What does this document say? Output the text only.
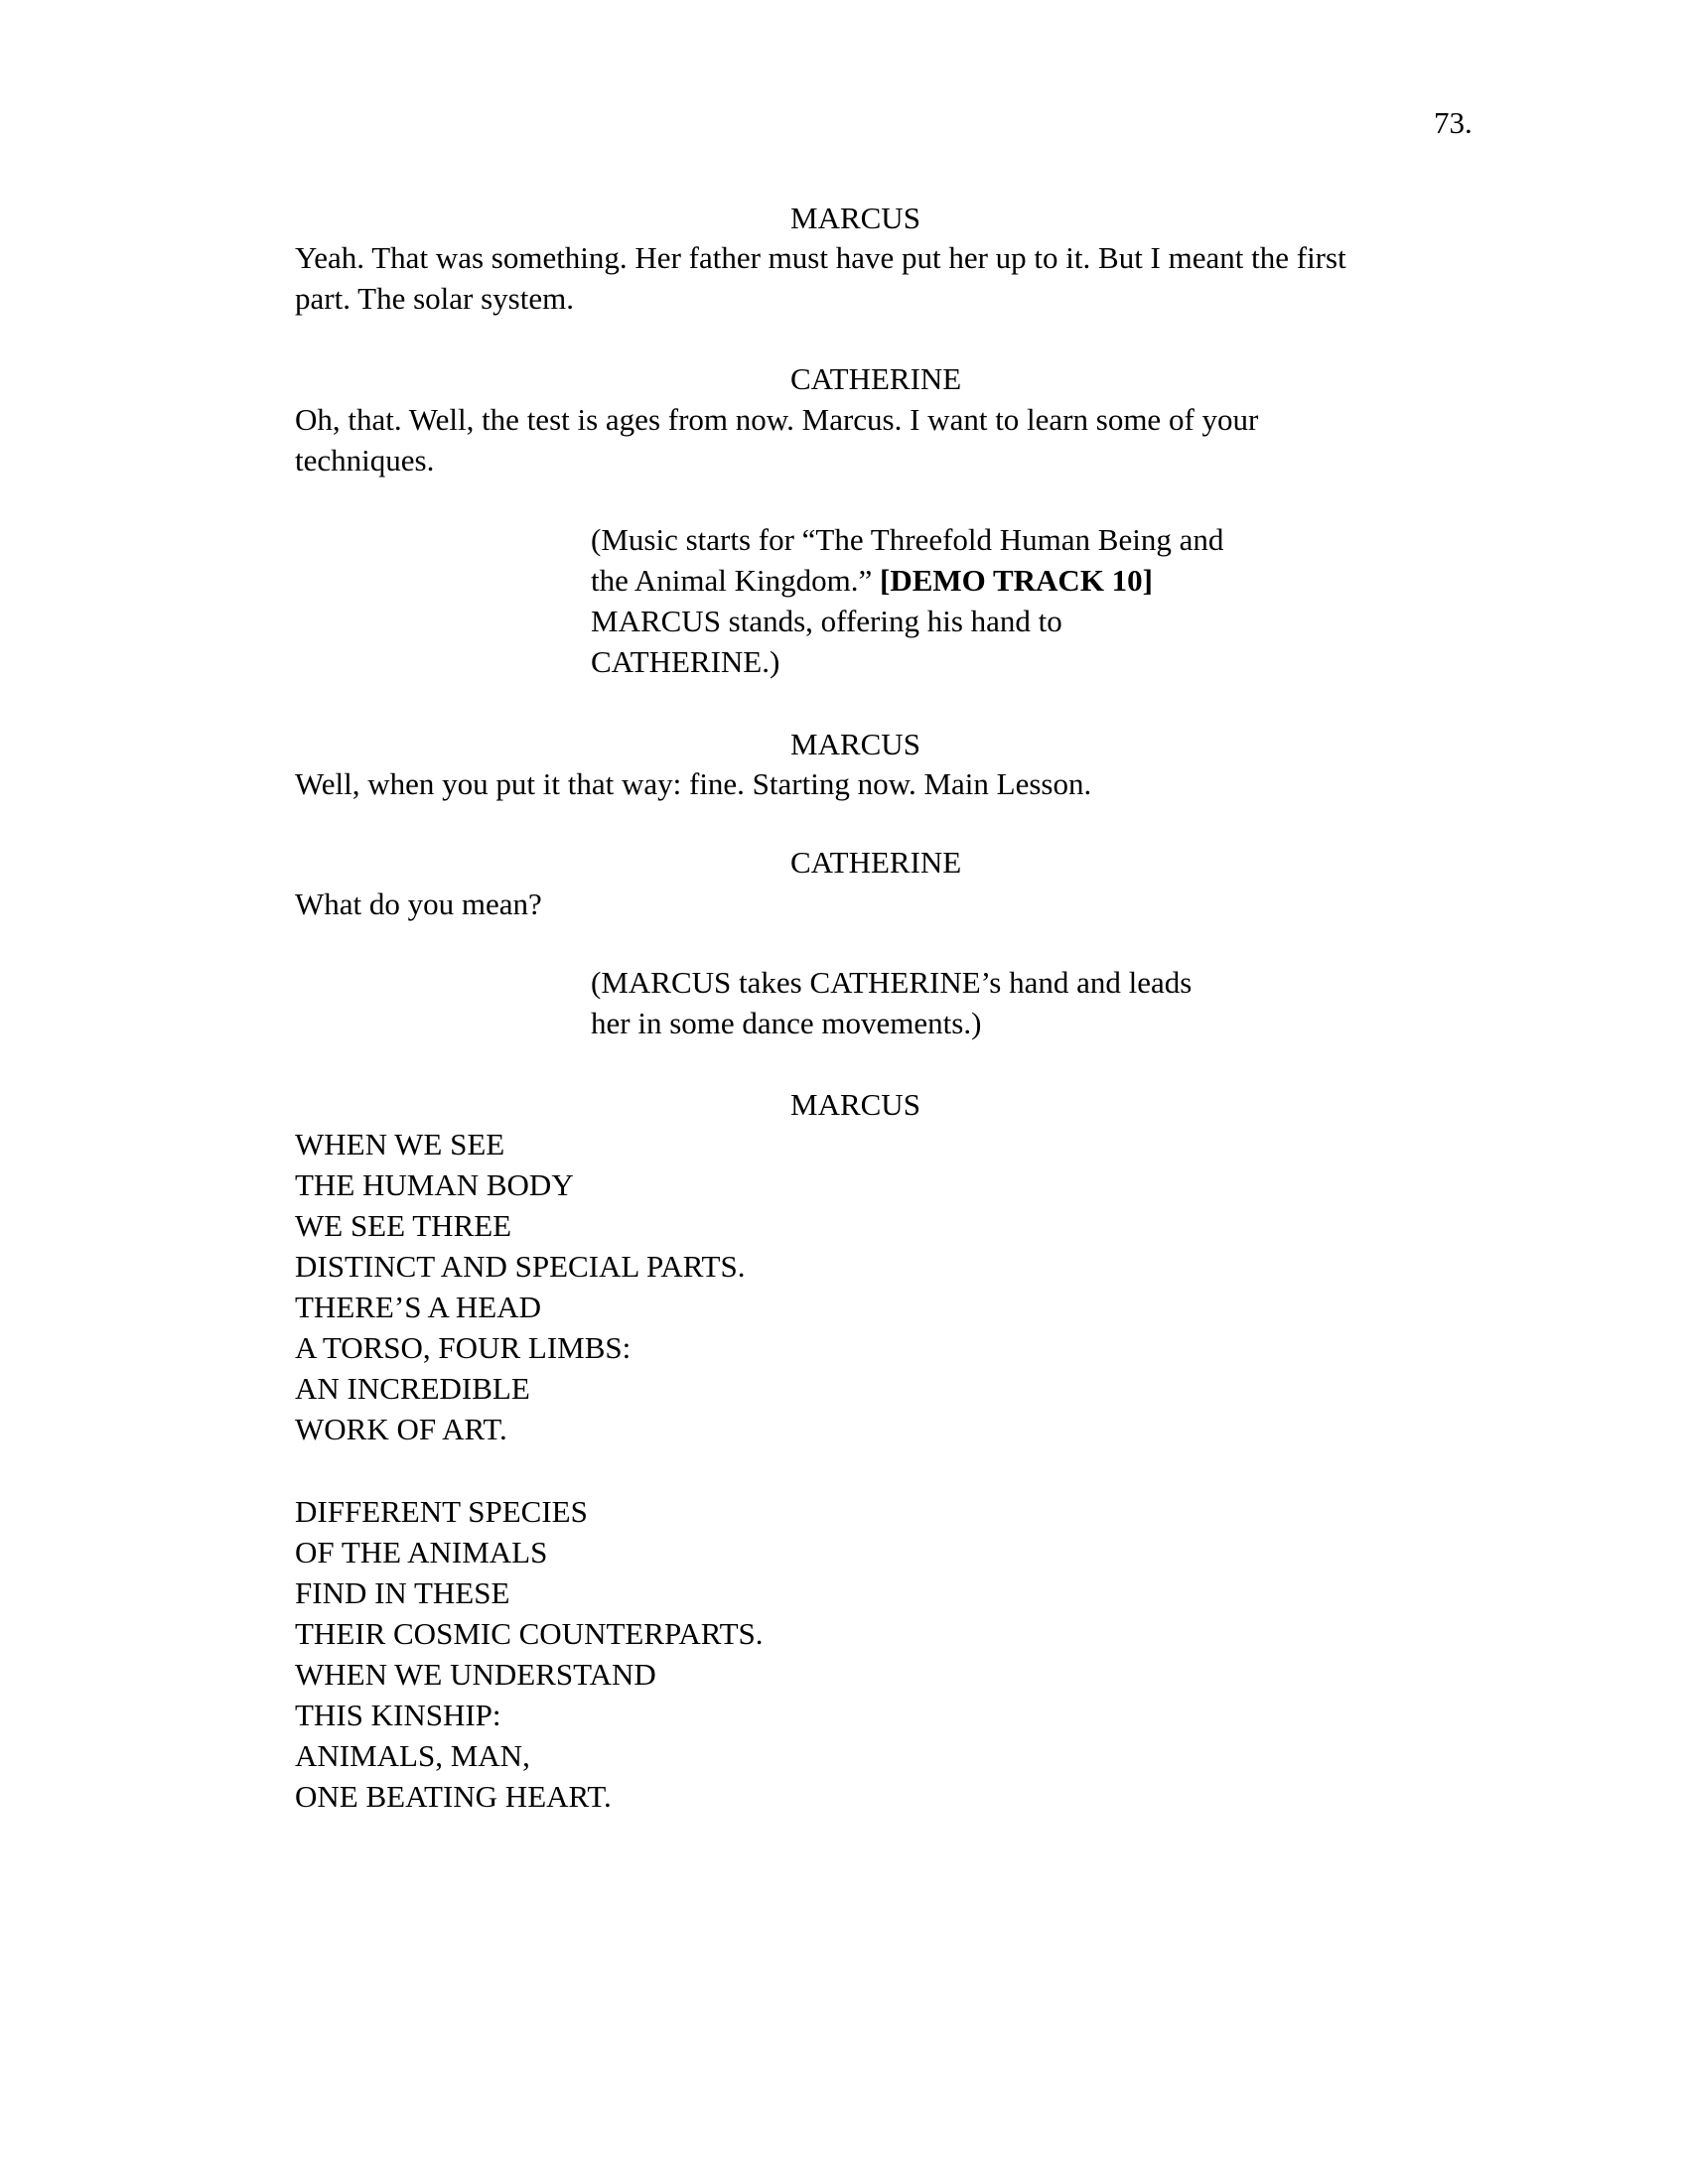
73.

MARCUS

Yeah. That was something. Her father must have put her up to it. But I meant the first
part. The solar system.

CATHERINE

Oh, that. Well, the test is ages from now. Marcus. I want to learn some of your
techniques.
(Music starts for “The Threefold Human Being and
the Animal Kingdom.” [DEMO TRACK 10]
MARCUS stands, offering his hand to
CATHERINE.)

MARCUS

Well, when you put it that way: fine. Starting now. Main Lesson.

CATHERINE

What do you mean?
(MARCUS takes CATHERINE’s hand and leads
her in some dance movements.)

MARCUS

WHEN WE SEE
THE HUMAN BODY
WE SEE THREE
DISTINCT AND SPECIAL PARTS.
THERE’S A HEAD
A TORSO, FOUR LIMBS:
AN INCREDIBLE
WORK OF ART.
DIFFERENT SPECIES
OF THE ANIMALS
FIND IN THESE
THEIR COSMIC COUNTERPARTS.
WHEN WE UNDERSTAND
THIS KINSHIP:
ANIMALS, MAN,
ONE BEATING HEART.
